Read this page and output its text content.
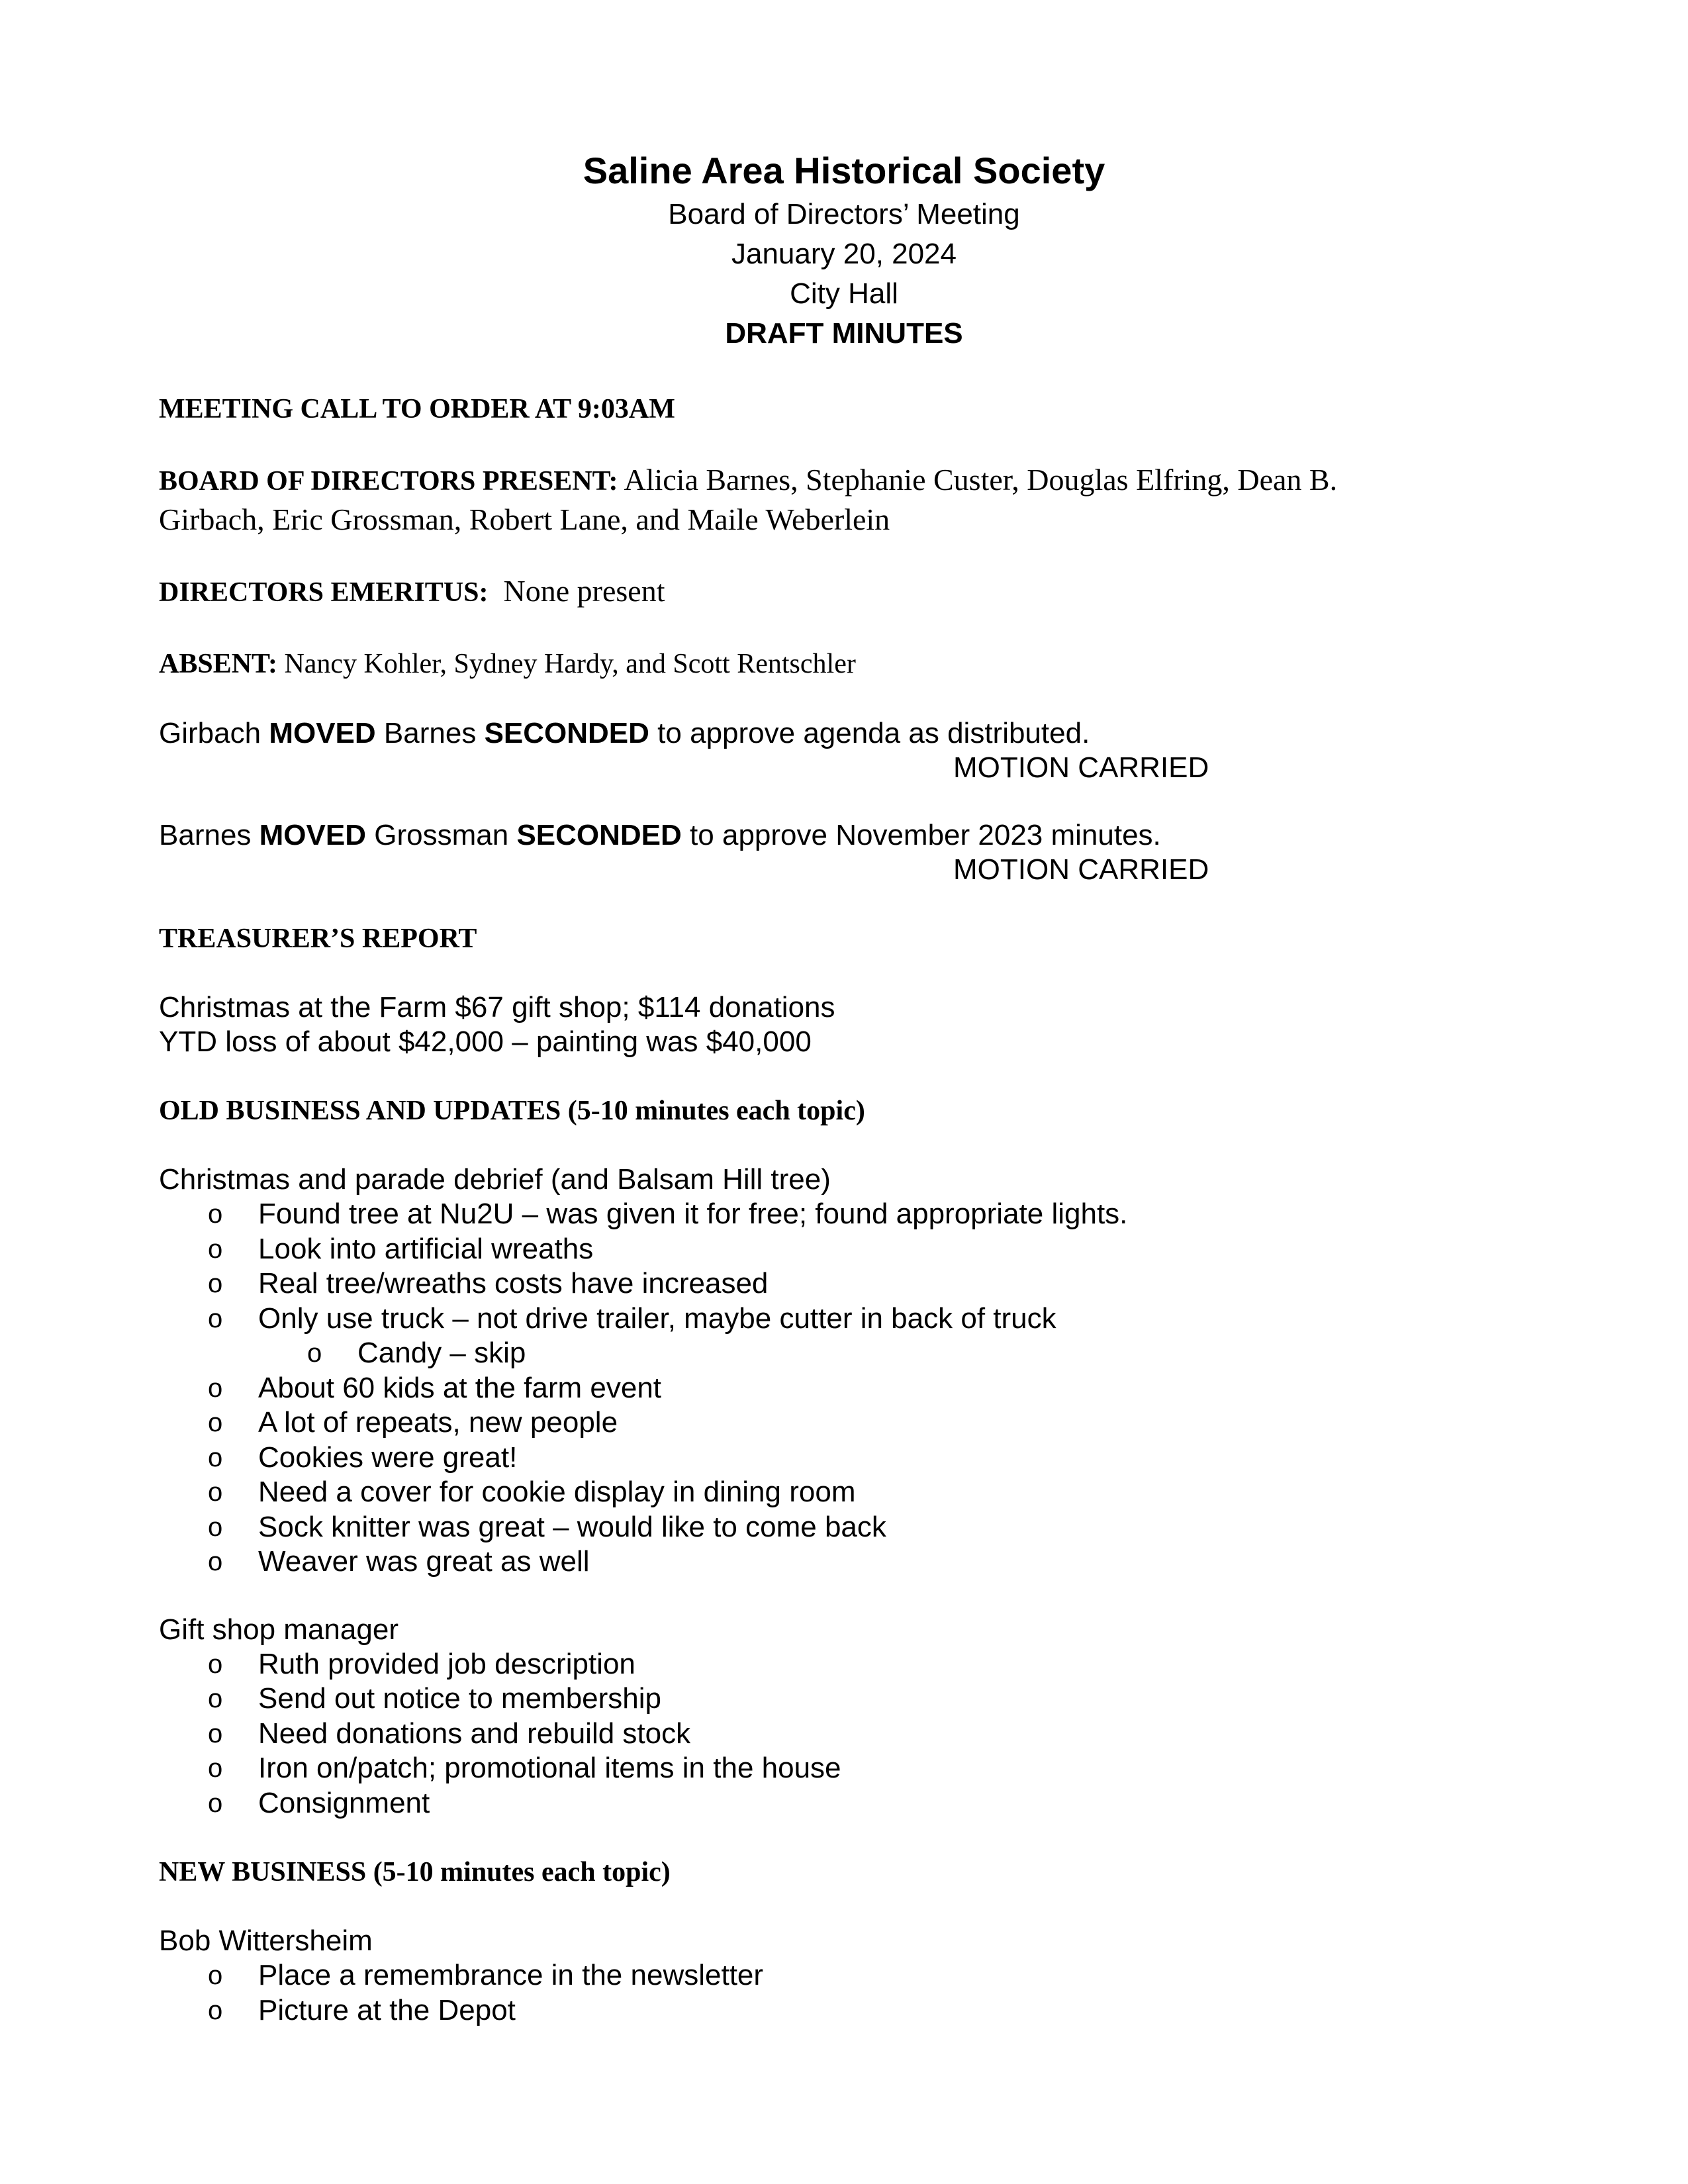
Saline Area Historical Society
Board of Directors’ Meeting
January 20, 2024
City Hall
DRAFT MINUTES
MEETING CALL TO ORDER AT 9:03AM
BOARD OF DIRECTORS PRESENT: Alicia Barnes, Stephanie Custer, Douglas Elfring, Dean B.
Girbach, Eric Grossman, Robert Lane, and Maile Weberlein
DIRECTORS EMERITUS: None present
ABSENT: Nancy Kohler, Sydney Hardy, and Scott Rentschler
Girbach MOVED Barnes SECONDED to approve agenda as distributed.
MOTION CARRIED
Barnes MOVED Grossman SECONDED to approve November 2023 minutes.
MOTION CARRIED
TREASURER’S REPORT
Christmas at the Farm $67 gift shop; $114 donations
YTD loss of about $42,000 – painting was $40,000
OLD BUSINESS AND UPDATES (5-10 minutes each topic)
Christmas and parade debrief (and Balsam Hill tree)
o Found tree at Nu2U – was given it for free; found appropriate lights.
o Look into artificial wreaths
o Real tree/wreaths costs have increased
o Only use truck – not drive trailer, maybe cutter in back of truck
o Candy – skip
o About 60 kids at the farm event
o A lot of repeats, new people
o Cookies were great!
o Need a cover for cookie display in dining room
o Sock knitter was great – would like to come back
o Weaver was great as well
Gift shop manager
o Ruth provided job description
o Send out notice to membership
o Need donations and rebuild stock
o Iron on/patch; promotional items in the house
o Consignment
NEW BUSINESS (5-10 minutes each topic)
Bob Wittersheim
o Place a remembrance in the newsletter
o Picture at the Depot
